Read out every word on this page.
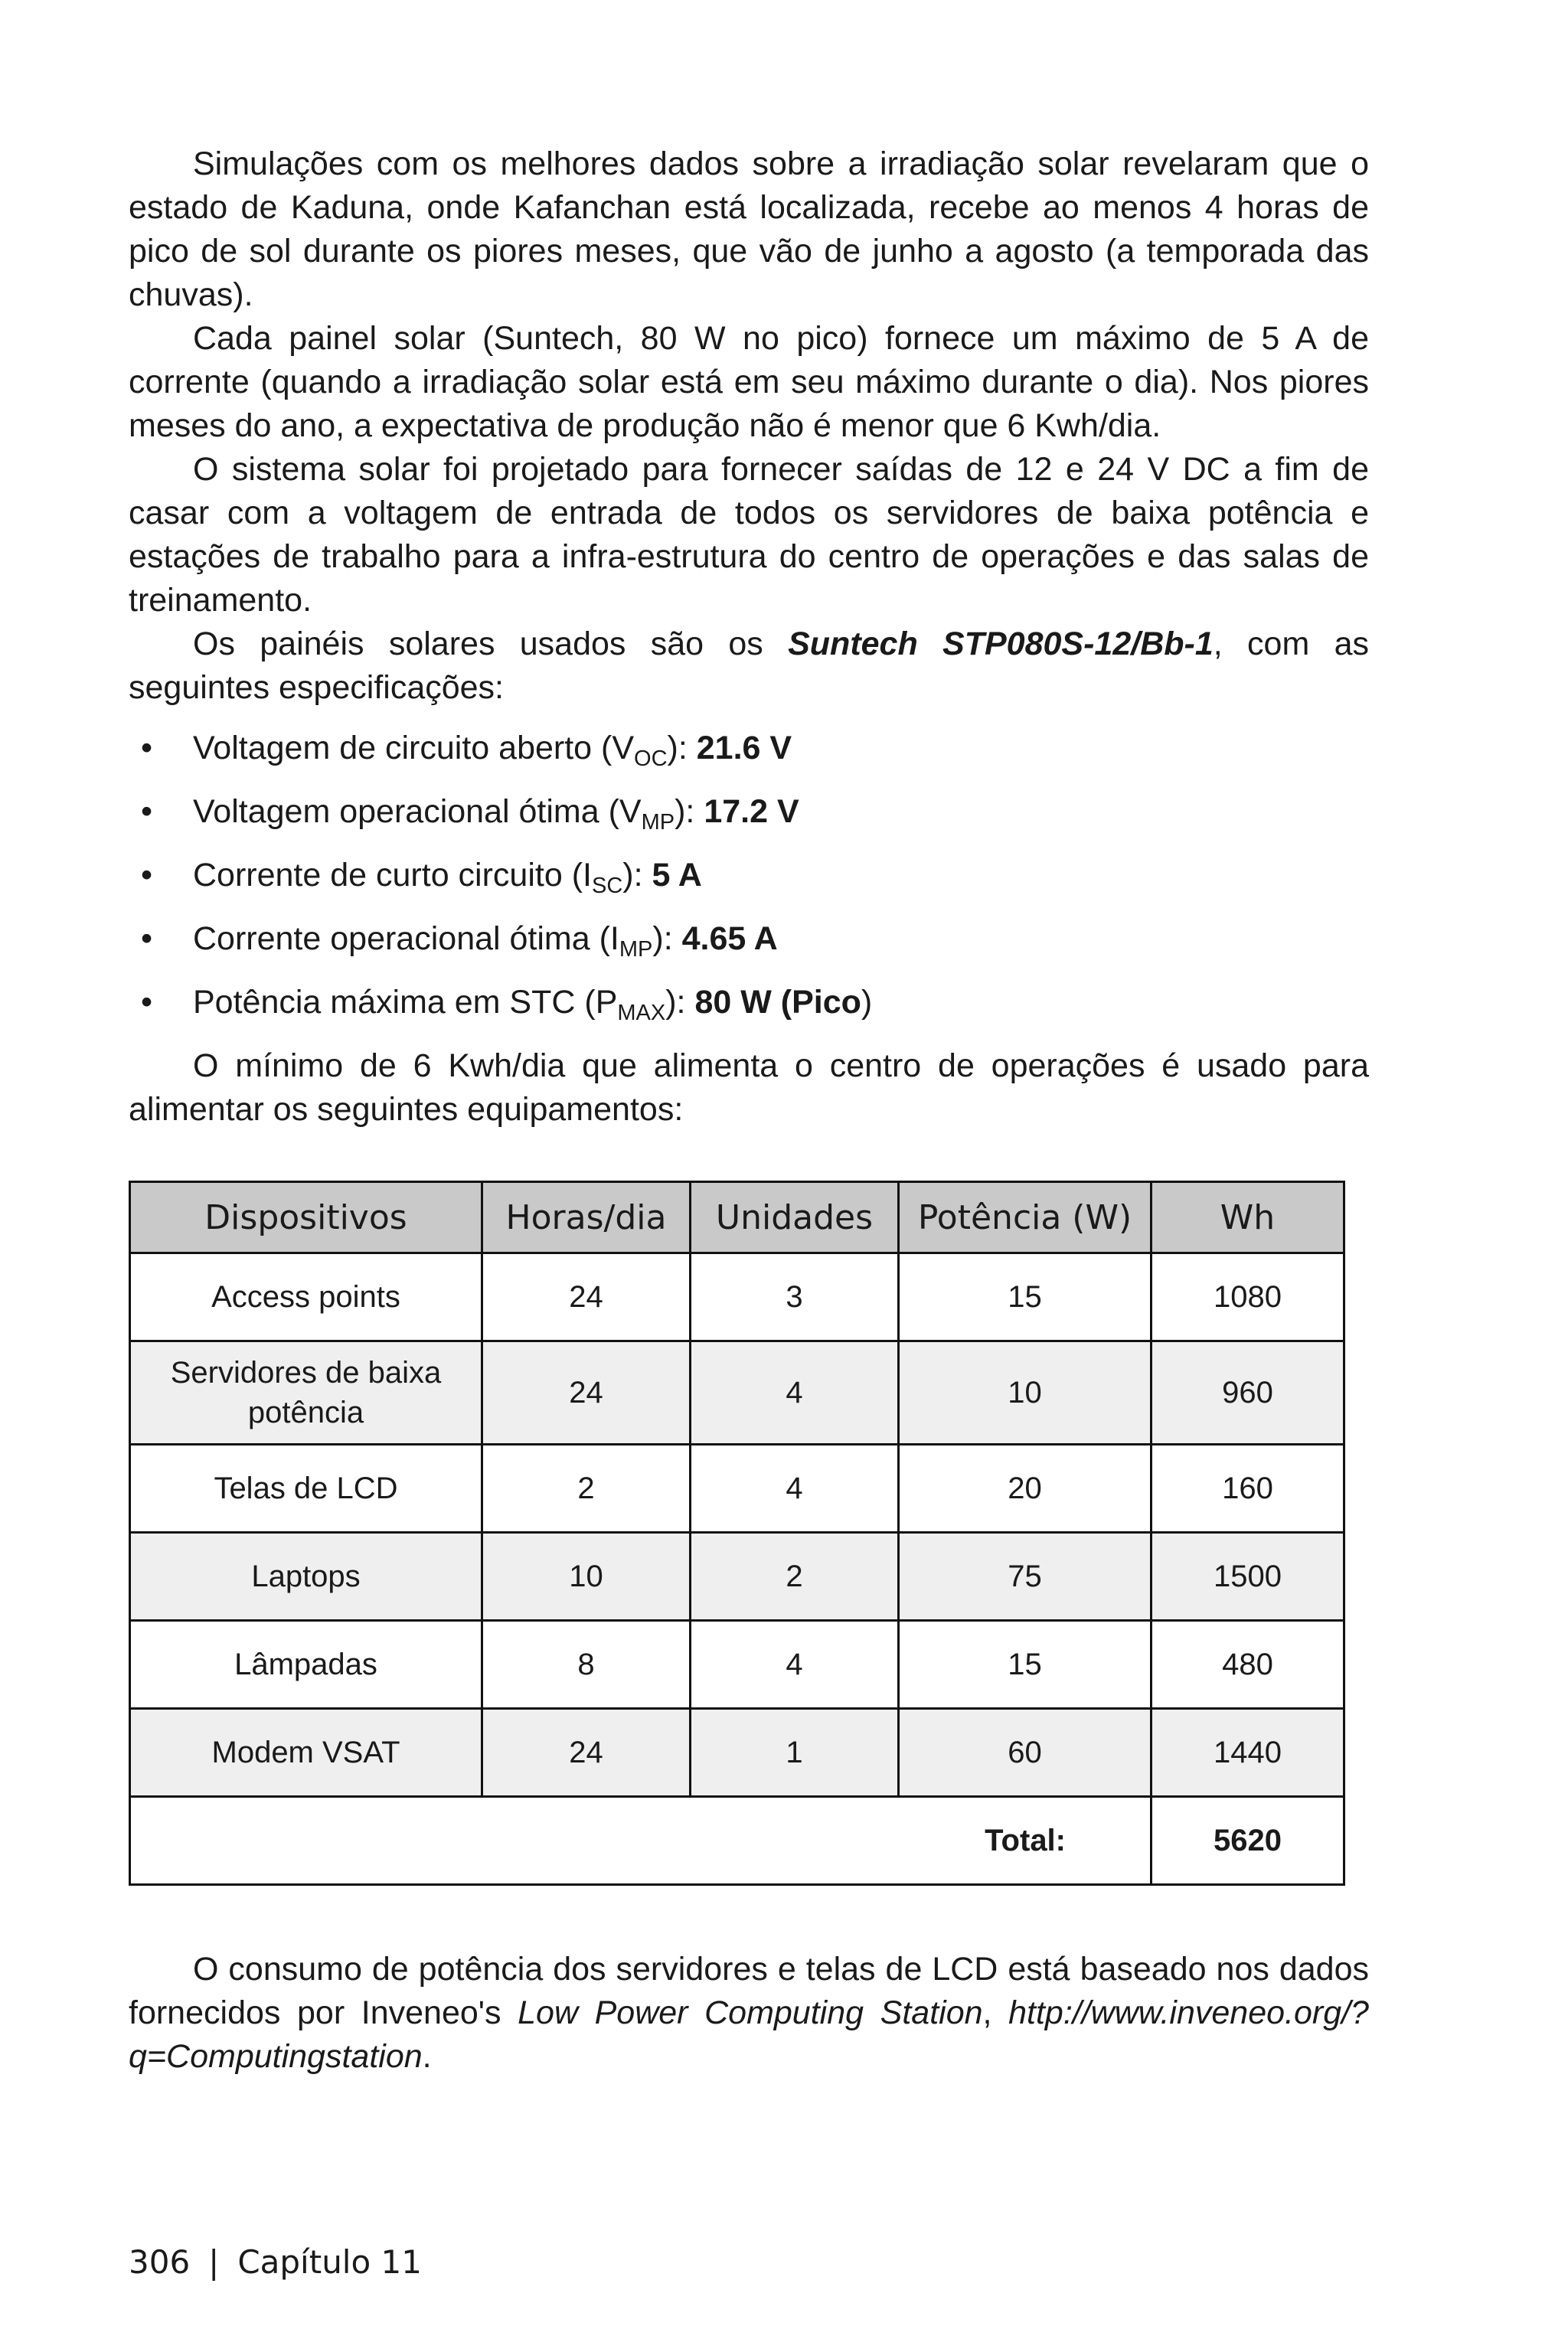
Simulações com os melhores dados sobre a irradiação solar revelaram que o estado de Kaduna, onde Kafanchan está localizada, recebe ao menos 4 horas de pico de sol durante os piores meses, que vão de junho a agosto (a temporada das chuvas).

Cada painel solar (Suntech, 80 W no pico) fornece um máximo de 5 A de corrente (quando a irradiação solar está em seu máximo durante o dia). Nos piores meses do ano, a expectativa de produção não é menor que 6 Kwh/dia.

O sistema solar foi projetado para fornecer saídas de 12 e 24 V DC a fim de casar com a voltagem de entrada de todos os servidores de baixa potência e estações de trabalho para a infra-estrutura do centro de operações e das salas de treinamento.

Os painéis solares usados são os Suntech STP080S-12/Bb-1, com as seguintes especificações:

• Voltagem de circuito aberto $(V_{OC})$: 21.6 V
• Voltagem operacional ótima $(V_{MP})$: 17.2 V
• Corrente de curto circuito $(I_{SC})$: 5 A
• Corrente operacional ótima $(I_{MP})$: 4.65 A
• Potência máxima em STC $(P_{MAX})$: 80 W (Pico)

O mínimo de 6 Kwh/dia que alimenta o centro de operações é usado para alimentar os seguintes equipamentos:

Dispositivos	Horas/dia	Unidades	Potência (W)	Wh
Access points	24	3	15	1080
Servidores de baixa potência	24	4	10	960
Telas de LCD	2	4	20	160
Laptops	10	2	75	1500
Lâmpadas	8	4	15	480
Modem VSAT	24	1	60	1440
Total:				5620

O consumo de potência dos servidores e telas de LCD está baseado nos dados fornecidos por Inveneo's Low Power Computing Station, http://www.inveneo.org/?q=Computingstation.

306 | Capítulo 11
